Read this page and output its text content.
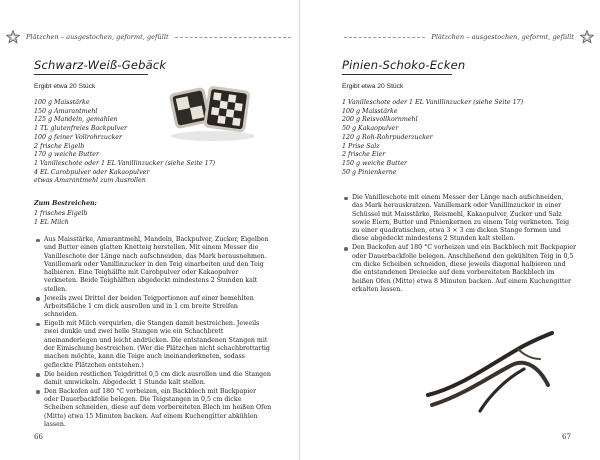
Plätzchen – ausgestochen, geformt, gefüllt	Plätzchen – ausgestochen, geformt, gefüllt
Schwarz-Weiß-Gebäck
Ergibt etwa 20 Stück
100 g Maisstärke
150 g Amarantmehl
125 g Mandeln, gemahlen
1 TL glutenfreies Backpulver
100 g feiner Vollrohrzucker
2 frische Eigelb
170 g weiche Butter
1 Vanilleschote oder 1 EL Vanillinzucker (siehe Seite 17)
4 EL Carobpulver oder Kakaopulver
etwas Amarantmehl zum Ausrollen
Zum Bestreichen:
1 frisches Eigelb
1 EL Milch
Aus Maisstärke, Amarantmehl, Mandeln, Backpulver, Zucker, Eigelben und Butter einen glatten Knetteig herstellen. Mit einem Messer die Vanilleschote der Länge nach aufschneiden, das Mark herausnehmen. Vanillemark oder Vanillinzucker in den Teig einarbeiten und den Teig halbieren. Eine Teighälfte mit Carobpulver oder Kakaopulver verkneten. Beide Teighälften abgedeckt mindestens 2 Stunden kalt stellen.
Jeweils zwei Drittel der beiden Teigportionen auf einer bemehlten Arbeitsfläche 1 cm dick ausrollen und in 1 cm breite Streifen schneiden.
Eigelb mit Milch verquirlen, die Stangen damit bestreichen. Jeweils zwei dunkle und zwei helle Stangen wie ein Schachbrett aneinanderlegen und leicht andrücken. Die entstandenen Stangen mit der Eimischung bestreichen. (Wer die Plätzchen nicht schachbrettartig machen möchte, kann die Teige auch ineinanderkneten, sodass gefleckte Plätzchen entstehen.)
Die beiden restlichen Teigdrittel 0,5 cm dick ausrollen und die Stangen damit umwickeln. Abgedeckt 1 Stunde kalt stellen.
Den Backofen auf 180 °C vorheizen, ein Backblech mit Backpapier oder Dauerbackfolie belegen. Die Teigstangen in 0,5 cm dicke Scheiben schneiden, diese auf dem vorbereiteten Blech im heißen Ofen (Mitte) etwa 15 Minuten backen. Auf einem Kuchengitter abkühlen lassen.
66
Pinien-Schoko-Ecken
Ergibt etwa 20 Stück
1 Vanilleschote oder 1 EL Vanillinzucker (siehe Seite 17)
100 g Maisstärke
200 g Reisvollkornmehl
50 g Kakaopulver
120 g Roh-Rohrpuderzucker
1 Prise Salz
2 frische Eier
150 g weiche Butter
50 g Pinienkerne
Die Vanilleschote mit einem Messer der Länge nach aufschneiden, das Mark herauskratzen. Vanillemark oder Vanillinzucker in einer Schüssel mit Maisstärke, Reismehl, Kakaopulver, Zucker und Salz sowie Eiern, Butter und Pinienkernen zu einem Teig verkneten. Teig zu einer quadratischen, etwa 3 × 3 cm dicken Stange formen und diese abgedeckt mindestens 2 Stunden kalt stellen.
Den Backofen auf 180 °C vorheizen und ein Backblech mit Backpapier oder Dauerbackfolie belegen. Anschließend den gekühlten Teig in 0,5 cm dicke Scheiben schneiden, diese jeweils diagonal halbieren und die entstandenen Dreiecke auf dem vorbereiteten Backblech im heißen Ofen (Mitte) etwa 8 Minuten backen. Auf einem Kuchengitter erkalten lassen.
67
